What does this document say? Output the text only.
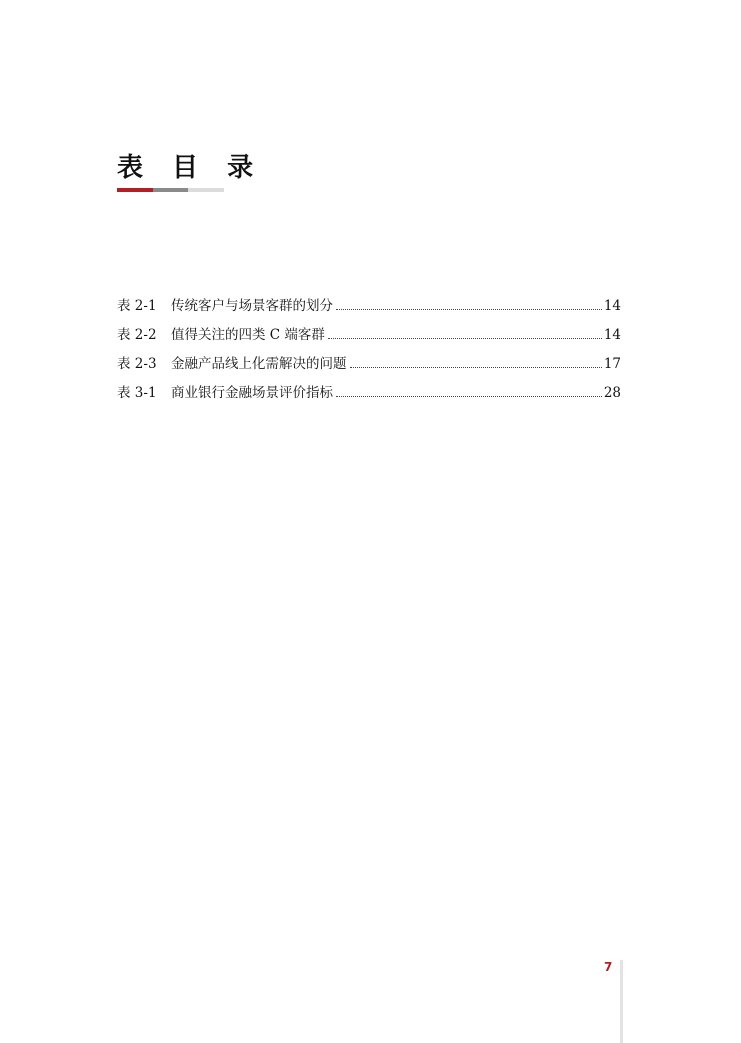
表 目 录
表 2-1	传统客户与场景客群的划分	14
表 2-2	值得关注的四类 C 端客群	14
表 2-3	金融产品线上化需解决的问题	17
表 3-1	商业银行金融场景评价指标	28
7
